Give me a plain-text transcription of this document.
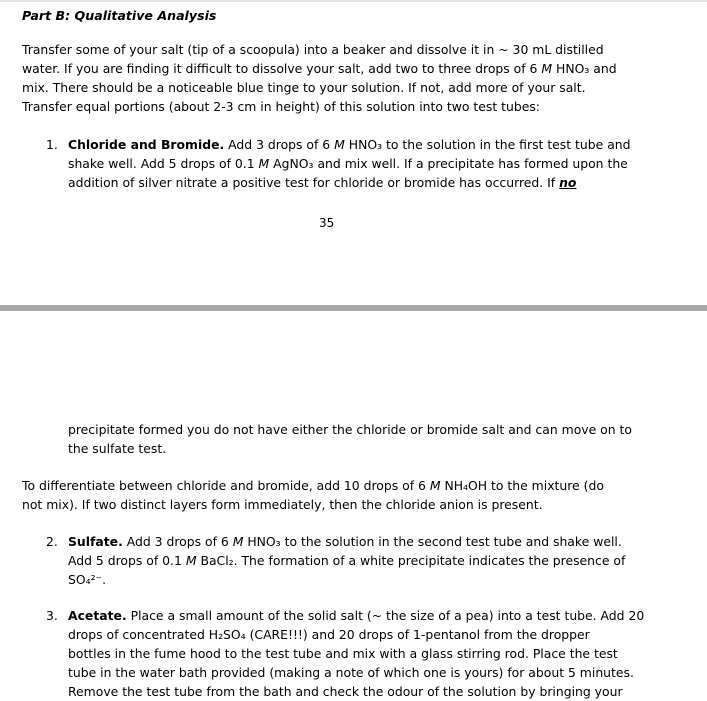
Part B: Qualitative Analysis
Transfer some of your salt (tip of a scoopula) into a beaker and dissolve it in ~ 30 mL distilled
water. If you are finding it difficult to dissolve your salt, add two to three drops of 6 M HNO₃ and
mix. There should be a noticeable blue tinge to your solution. If not, add more of your salt.
Transfer equal portions (about 2-3 cm in height) of this solution into two test tubes:
1. Chloride and Bromide. Add 3 drops of 6 M HNO₃ to the solution in the first test tube and
shake well. Add 5 drops of 0.1 M AgNO₃ and mix well. If a precipitate has formed upon the
addition of silver nitrate a positive test for chloride or bromide has occurred. If no
35
precipitate formed you do not have either the chloride or bromide salt and can move on to
the sulfate test.
To differentiate between chloride and bromide, add 10 drops of 6 M NH₄OH to the mixture (do
not mix). If two distinct layers form immediately, then the chloride anion is present.
2. Sulfate. Add 3 drops of 6 M HNO₃ to the solution in the second test tube and shake well.
Add 5 drops of 0.1 M BaCl₂. The formation of a white precipitate indicates the presence of
SO₄²⁻.
3. Acetate. Place a small amount of the solid salt (~ the size of a pea) into a test tube. Add 20
drops of concentrated H₂SO₄ (CARE!!!) and 20 drops of 1-pentanol from the dropper
bottles in the fume hood to the test tube and mix with a glass stirring rod. Place the test
tube in the water bath provided (making a note of which one is yours) for about 5 minutes.
Remove the test tube from the bath and check the odour of the solution by bringing your
